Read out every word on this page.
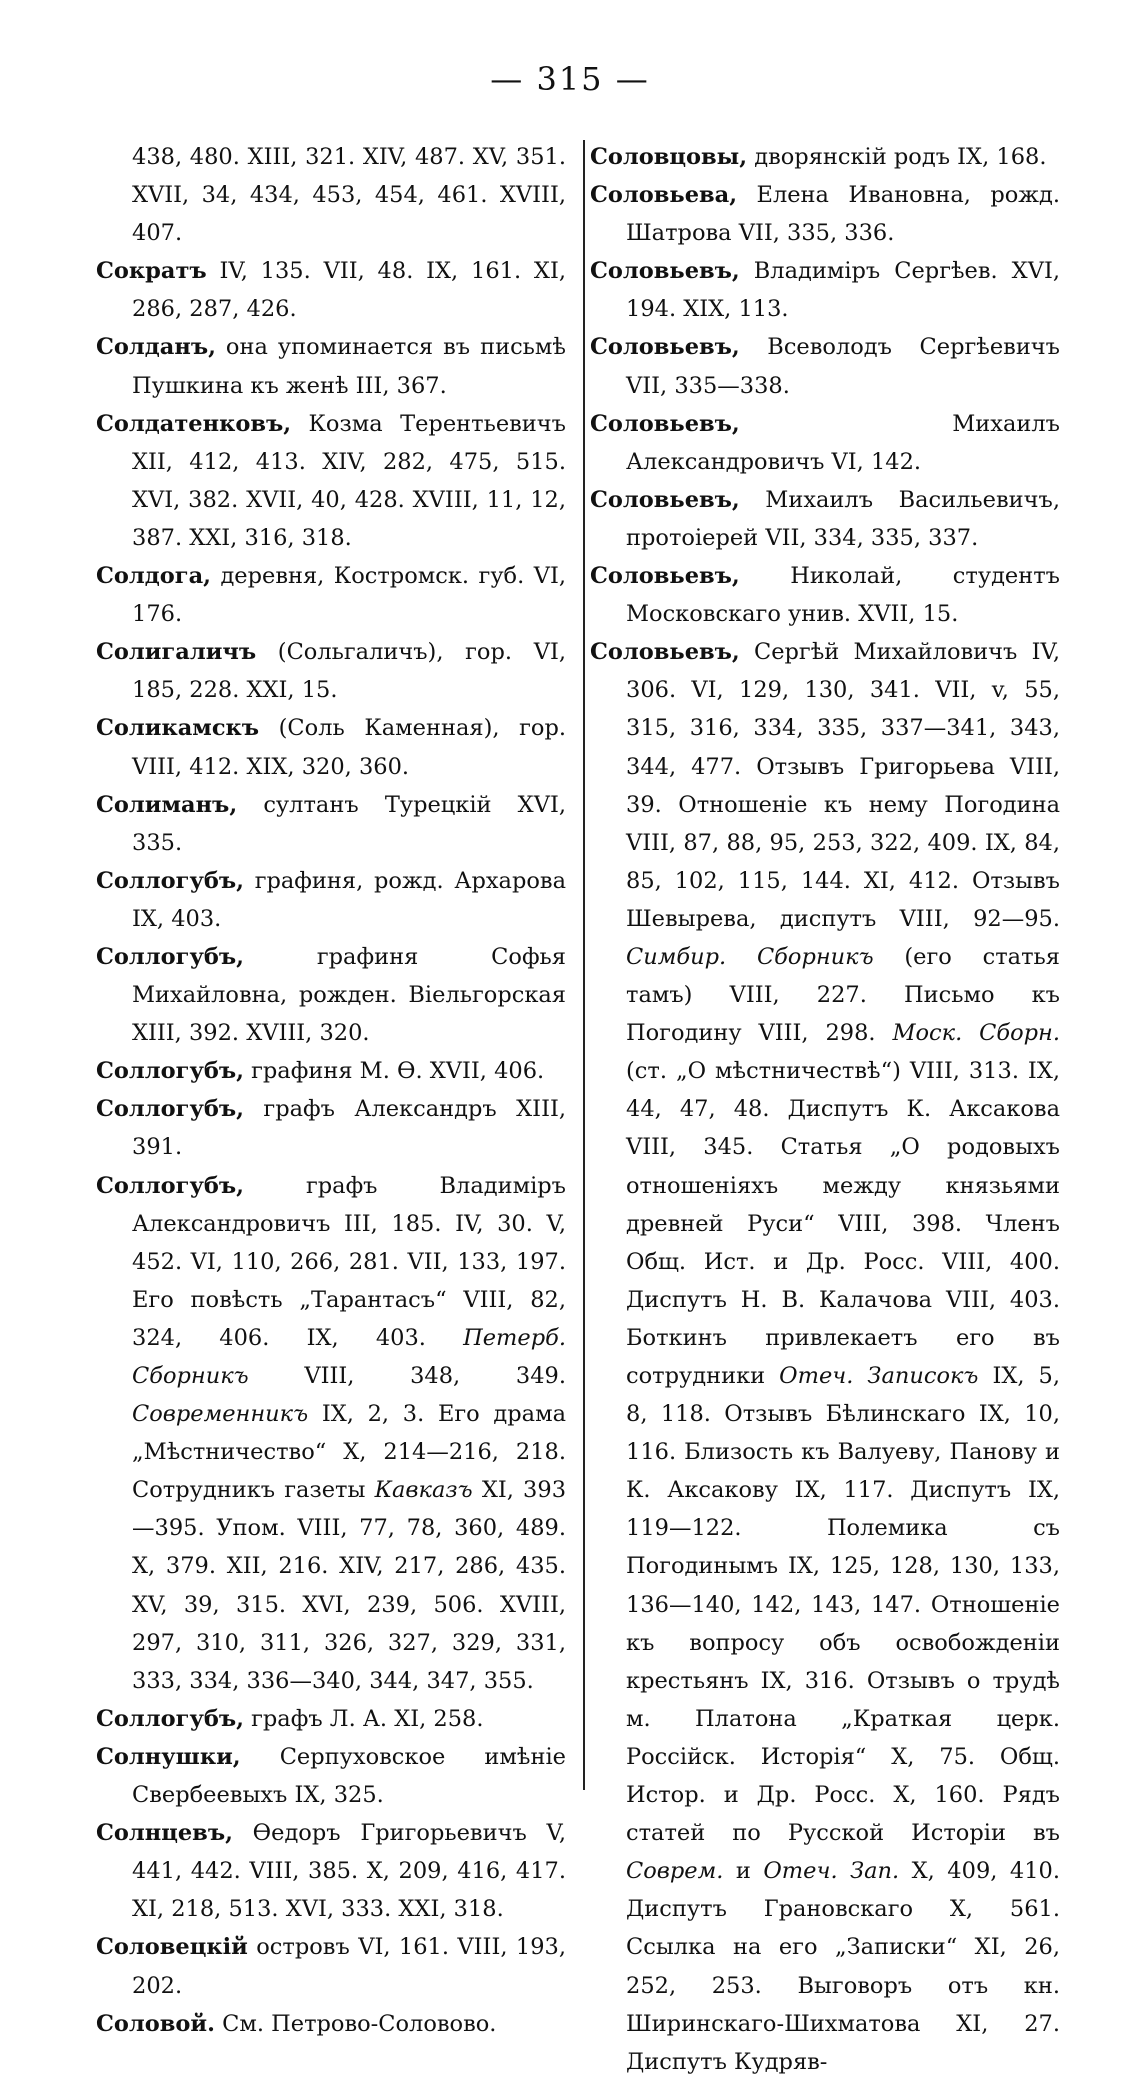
— 315 —
438, 480. XIII, 321. XIV, 487. XV, 351. XVII, 34, 434, 453, 454, 461. XVIII, 407.
Сократъ IV, 135. VII, 48. IX, 161. XI, 286, 287, 426.
Солданъ, она упоминается въ письмѣ Пушкина къ женѣ III, 367.
Солдатенковъ, Козма Терентьевичъ XII, 412, 413. XIV, 282, 475, 515. XVI, 382. XVII, 40, 428. XVIII, 11, 12, 387. XXI, 316, 318.
Солдога, деревня, Костромск. губ. VI, 176.
Солигаличъ (Сольгаличъ), гор. VI, 185, 228. XXI, 15.
Соликамскъ (Соль Каменная), гор. VIII, 412. XIX, 320, 360.
Солиманъ, султанъ Турецкій XVI, 335.
Соллогубъ, графиня, рожд. Архарова IX, 403.
Соллогубъ, графиня Софья Михайловна, рожден. Віельгорская XIII, 392. XVIII, 320.
Соллогубъ, графиня М. Ѳ. XVII, 406.
Соллогубъ, графъ Александръ XIII, 391.
Соллогубъ, графъ Владиміръ Александровичъ III, 185. IV, 30. V, 452. VI, 110, 266, 281. VII, 133, 197. Его повѣсть „Тарантасъ“ VIII, 82, 324, 406. IX, 403. Петерб. Сборникъ VIII, 348, 349. Современникъ IX, 2, 3. Его драма „Мѣстничество“ X, 214—216, 218. Сотрудникъ газеты Кавказъ XI, 393—395. Упом. VIII, 77, 78, 360, 489. X, 379. XII, 216. XIV, 217, 286, 435. XV, 39, 315. XVI, 239, 506. XVIII, 297, 310, 311, 326, 327, 329, 331, 333, 334, 336—340, 344, 347, 355.
Соллогубъ, графъ Л. А. XI, 258.
Солнушки, Серпуховское имѣніе Свербеевыхъ IX, 325.
Солнцевъ, Ѳедоръ Григорьевичъ V, 441, 442. VIII, 385. X, 209, 416, 417. XI, 218, 513. XVI, 333. XXI, 318.
Соловецкій островъ VI, 161. VIII, 193, 202.
Соловой. См. Петрово-Соловово.
Соловцовы, дворянскій родъ IX, 168.
Соловьева, Елена Ивановна, рожд. Шатрова VII, 335, 336.
Соловьевъ, Владиміръ Сергѣев. XVI, 194. XIX, 113.
Соловьевъ, Всеволодъ Сергѣевичъ VII, 335—338.
Соловьевъ, Михаилъ Александровичъ VI, 142.
Соловьевъ, Михаилъ Васильевичъ, протоіерей VII, 334, 335, 337.
Соловьевъ, Николай, студентъ Московскаго унив. XVII, 15.
Соловьевъ, Сергѣй Михайловичъ IV, 306. VI, 129, 130, 341. VII, v, 55, 315, 316, 334, 335, 337—341, 343, 344, 477. Отзывъ Григорьева VIII, 39. Отношеніе къ нему Погодина VIII, 87, 88, 95, 253, 322, 409. IX, 84, 85, 102, 115, 144. XI, 412. Отзывъ Шевырева, диспутъ VIII, 92—95. Симбир. Сборникъ (его статья тамъ) VIII, 227. Письмо къ Погодину VIII, 298. Моск. Сборн. (ст. „О мѣстничествѣ“) VIII, 313. IX, 44, 47, 48. Диспутъ К. Аксакова VIII, 345. Статья „О родовыхъ отношеніяхъ между князьями древней Руси“ VIII, 398. Членъ Общ. Ист. и Др. Росс. VIII, 400. Диспутъ Н. В. Калачова VIII, 403. Боткинъ привлекаетъ его въ сотрудники Отеч. Записокъ IX, 5, 8, 118. Отзывъ Бѣлинскаго IX, 10, 116. Близость къ Валуеву, Панову и К. Аксакову IX, 117. Диспутъ IX, 119—122. Полемика съ Погодинымъ IX, 125, 128, 130, 133, 136—140, 142, 143, 147. Отношеніе къ вопросу объ освобожденіи крестьянъ IX, 316. Отзывъ о трудѣ м. Платона „Краткая церк. Россійск. Исторія“ X, 75. Общ. Истор. и Др. Росс. X, 160. Рядъ статей по Русской Исторіи въ Соврем. и Отеч. Зап. X, 409, 410. Диспутъ Грановскаго X, 561. Ссылка на его „Записки“ XI, 26, 252, 253. Выговоръ отъ кн. Ширинскаго-Шихматова XI, 27. Диспутъ Кудряв-
